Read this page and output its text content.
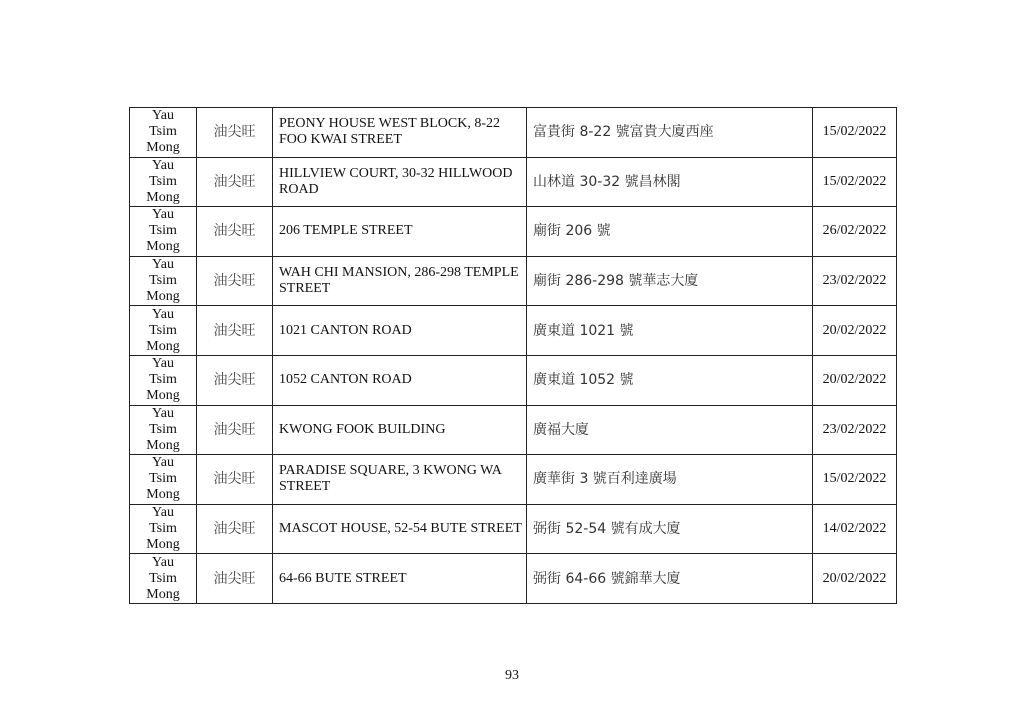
Yau Tsim Mong	油尖旺	PEONY HOUSE WEST BLOCK, 8-22 FOO KWAI STREET	富貴街 8-22 號富貴大廈西座	15/02/2022

Yau Tsim Mong	油尖旺	HILLVIEW COURT, 30-32 HILLWOOD ROAD	山林道 30-32 號昌林閣	15/02/2022

Yau Tsim Mong	油尖旺	206 TEMPLE STREET	廟街 206 號	26/02/2022

Yau Tsim Mong	油尖旺	WAH CHI MANSION, 286-298 TEMPLE STREET	廟街 286-298 號華志大廈	23/02/2022

Yau Tsim Mong	油尖旺	1021 CANTON ROAD	廣東道 1021 號	20/02/2022

Yau Tsim Mong	油尖旺	1052 CANTON ROAD	廣東道 1052 號	20/02/2022

Yau Tsim Mong	油尖旺	KWONG FOOK BUILDING	廣福大廈	23/02/2022

Yau Tsim Mong	油尖旺	PARADISE SQUARE, 3 KWONG WA STREET	廣華街 3 號百利達廣場	15/02/2022

Yau Tsim Mong	油尖旺	MASCOT HOUSE, 52-54 BUTE STREET	弼街 52-54 號有成大廈	14/02/2022

Yau Tsim Mong	油尖旺	64-66 BUTE STREET	弼街 64-66 號錦華大廈	20/02/2022
93
